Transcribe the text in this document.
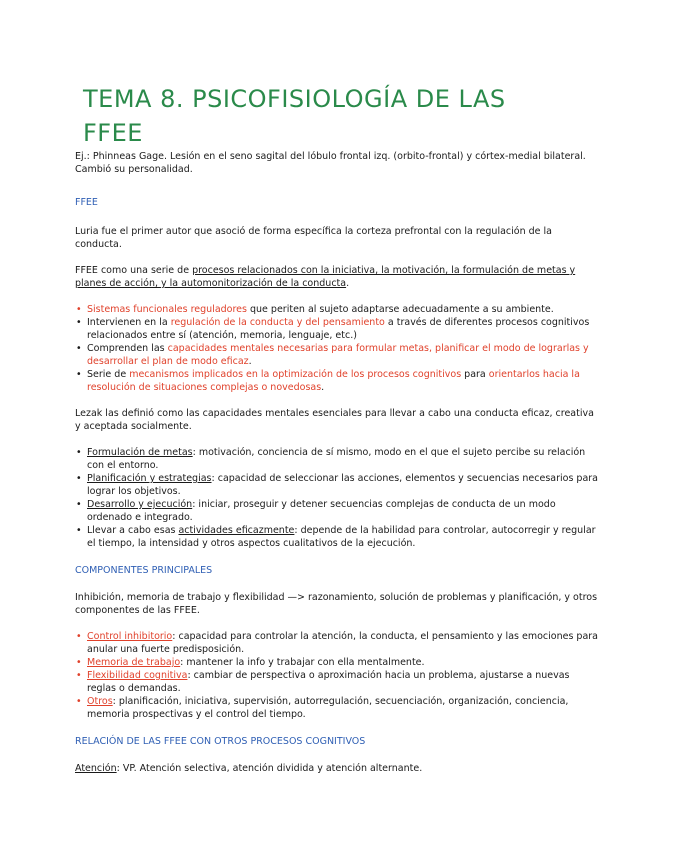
TEMA 8. PSICOFISIOLOGÍA DE LAS
FFEE

Ej.: Phinneas Gage. Lesión en el seno sagital del lóbulo frontal izq. (orbito-frontal) y córtex-medial bilateral. Cambió su personalidad.

FFEE

Luria fue el primer autor que asoció de forma específica la corteza prefrontal con la regulación de la conducta.

FFEE como una serie de procesos relacionados con la iniciativa, la motivación, la formulación de metas y planes de acción, y la automonitorización de la conducta.

• Sistemas funcionales reguladores que periten al sujeto adaptarse adecuadamente a su ambiente.
• Intervienen en la regulación de la conducta y del pensamiento a través de diferentes procesos cognitivos relacionados entre sí (atención, memoria, lenguaje, etc.)
• Comprenden las capacidades mentales necesarias para formular metas, planificar el modo de lograrlas y desarrollar el plan de modo eficaz.
• Serie de mecanismos implicados en la optimización de los procesos cognitivos para orientarlos hacia la resolución de situaciones complejas o novedosas.

Lezak las definió como las capacidades mentales esenciales para llevar a cabo una conducta eficaz, creativa y aceptada socialmente.

• Formulación de metas: motivación, conciencia de sí mismo, modo en el que el sujeto percibe su relación con el entorno.
• Planificación y estrategias: capacidad de seleccionar las acciones, elementos y secuencias necesarios para lograr los objetivos.
• Desarrollo y ejecución: iniciar, proseguir y detener secuencias complejas de conducta de un modo ordenado e integrado.
• Llevar a cabo esas actividades eficazmente: depende de la habilidad para controlar, autocorregir y regular el tiempo, la intensidad y otros aspectos cualitativos de la ejecución.

COMPONENTES PRINCIPALES

Inhibición, memoria de trabajo y flexibilidad —> razonamiento, solución de problemas y planificación, y otros componentes de las FFEE.

• Control inhibitorio: capacidad para controlar la atención, la conducta, el pensamiento y las emociones para anular una fuerte predisposición.
• Memoria de trabajo: mantener la info y trabajar con ella mentalmente.
• Flexibilidad cognitiva: cambiar de perspectiva o aproximación hacia un problema, ajustarse a nuevas reglas o demandas.
• Otros: planificación, iniciativa, supervisión, autorregulación, secuenciación, organización, conciencia, memoria prospectivas y el control del tiempo.

RELACIÓN DE LAS FFEE CON OTROS PROCESOS COGNITIVOS

Atención: VP. Atención selectiva, atención dividida y atención alternante.
